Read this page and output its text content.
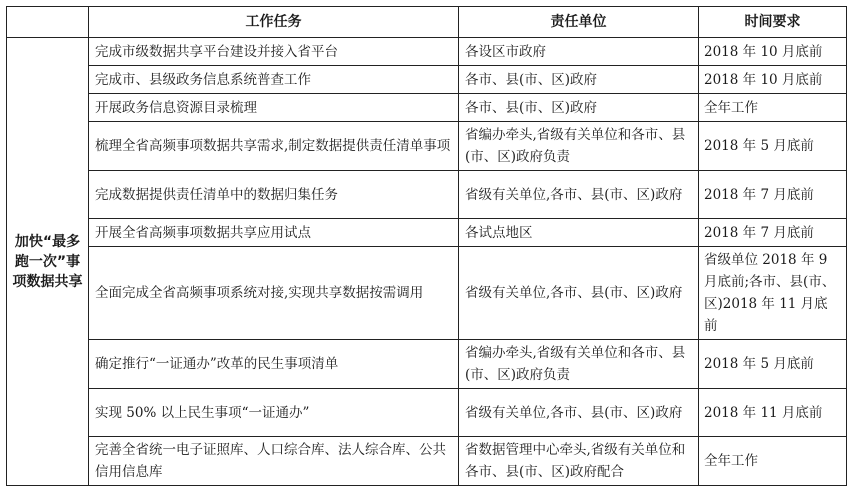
	工作任务	责任单位	时间要求
加快“最多跑一次”事项数据共享	完成市级数据共享平台建设并接入省平台	各设区市政府	2018 年 10 月底前
	完成市、县级政务信息系统普查工作	各市、县(市、区)政府	2018 年 10 月底前
	开展政务信息资源目录梳理	各市、县(市、区)政府	全年工作
	梳理全省高频事项数据共享需求,制定数据提供责任清单事项	省编办牵头,省级有关单位和各市、县(市、区)政府负责	2018 年 5 月底前
	完成数据提供责任清单中的数据归集任务	省级有关单位,各市、县(市、区)政府	2018 年 7 月底前
	开展全省高频事项数据共享应用试点	各试点地区	2018 年 7 月底前
	全面完成全省高频事项系统对接,实现共享数据按需调用	省级有关单位,各市、县(市、区)政府	省级单位 2018 年 9 月底前;各市、县(市、区)2018 年 11 月底前
	确定推行“一证通办”改革的民生事项清单	省编办牵头,省级有关单位和各市、县(市、区)政府负责	2018 年 5 月底前
	实现 50% 以上民生事项“一证通办”	省级有关单位,各市、县(市、区)政府	2018 年 11 月底前
	完善全省统一电子证照库、人口综合库、法人综合库、公共信用信息库	省数据管理中心牵头,省级有关单位和各市、县(市、区)政府配合	全年工作
